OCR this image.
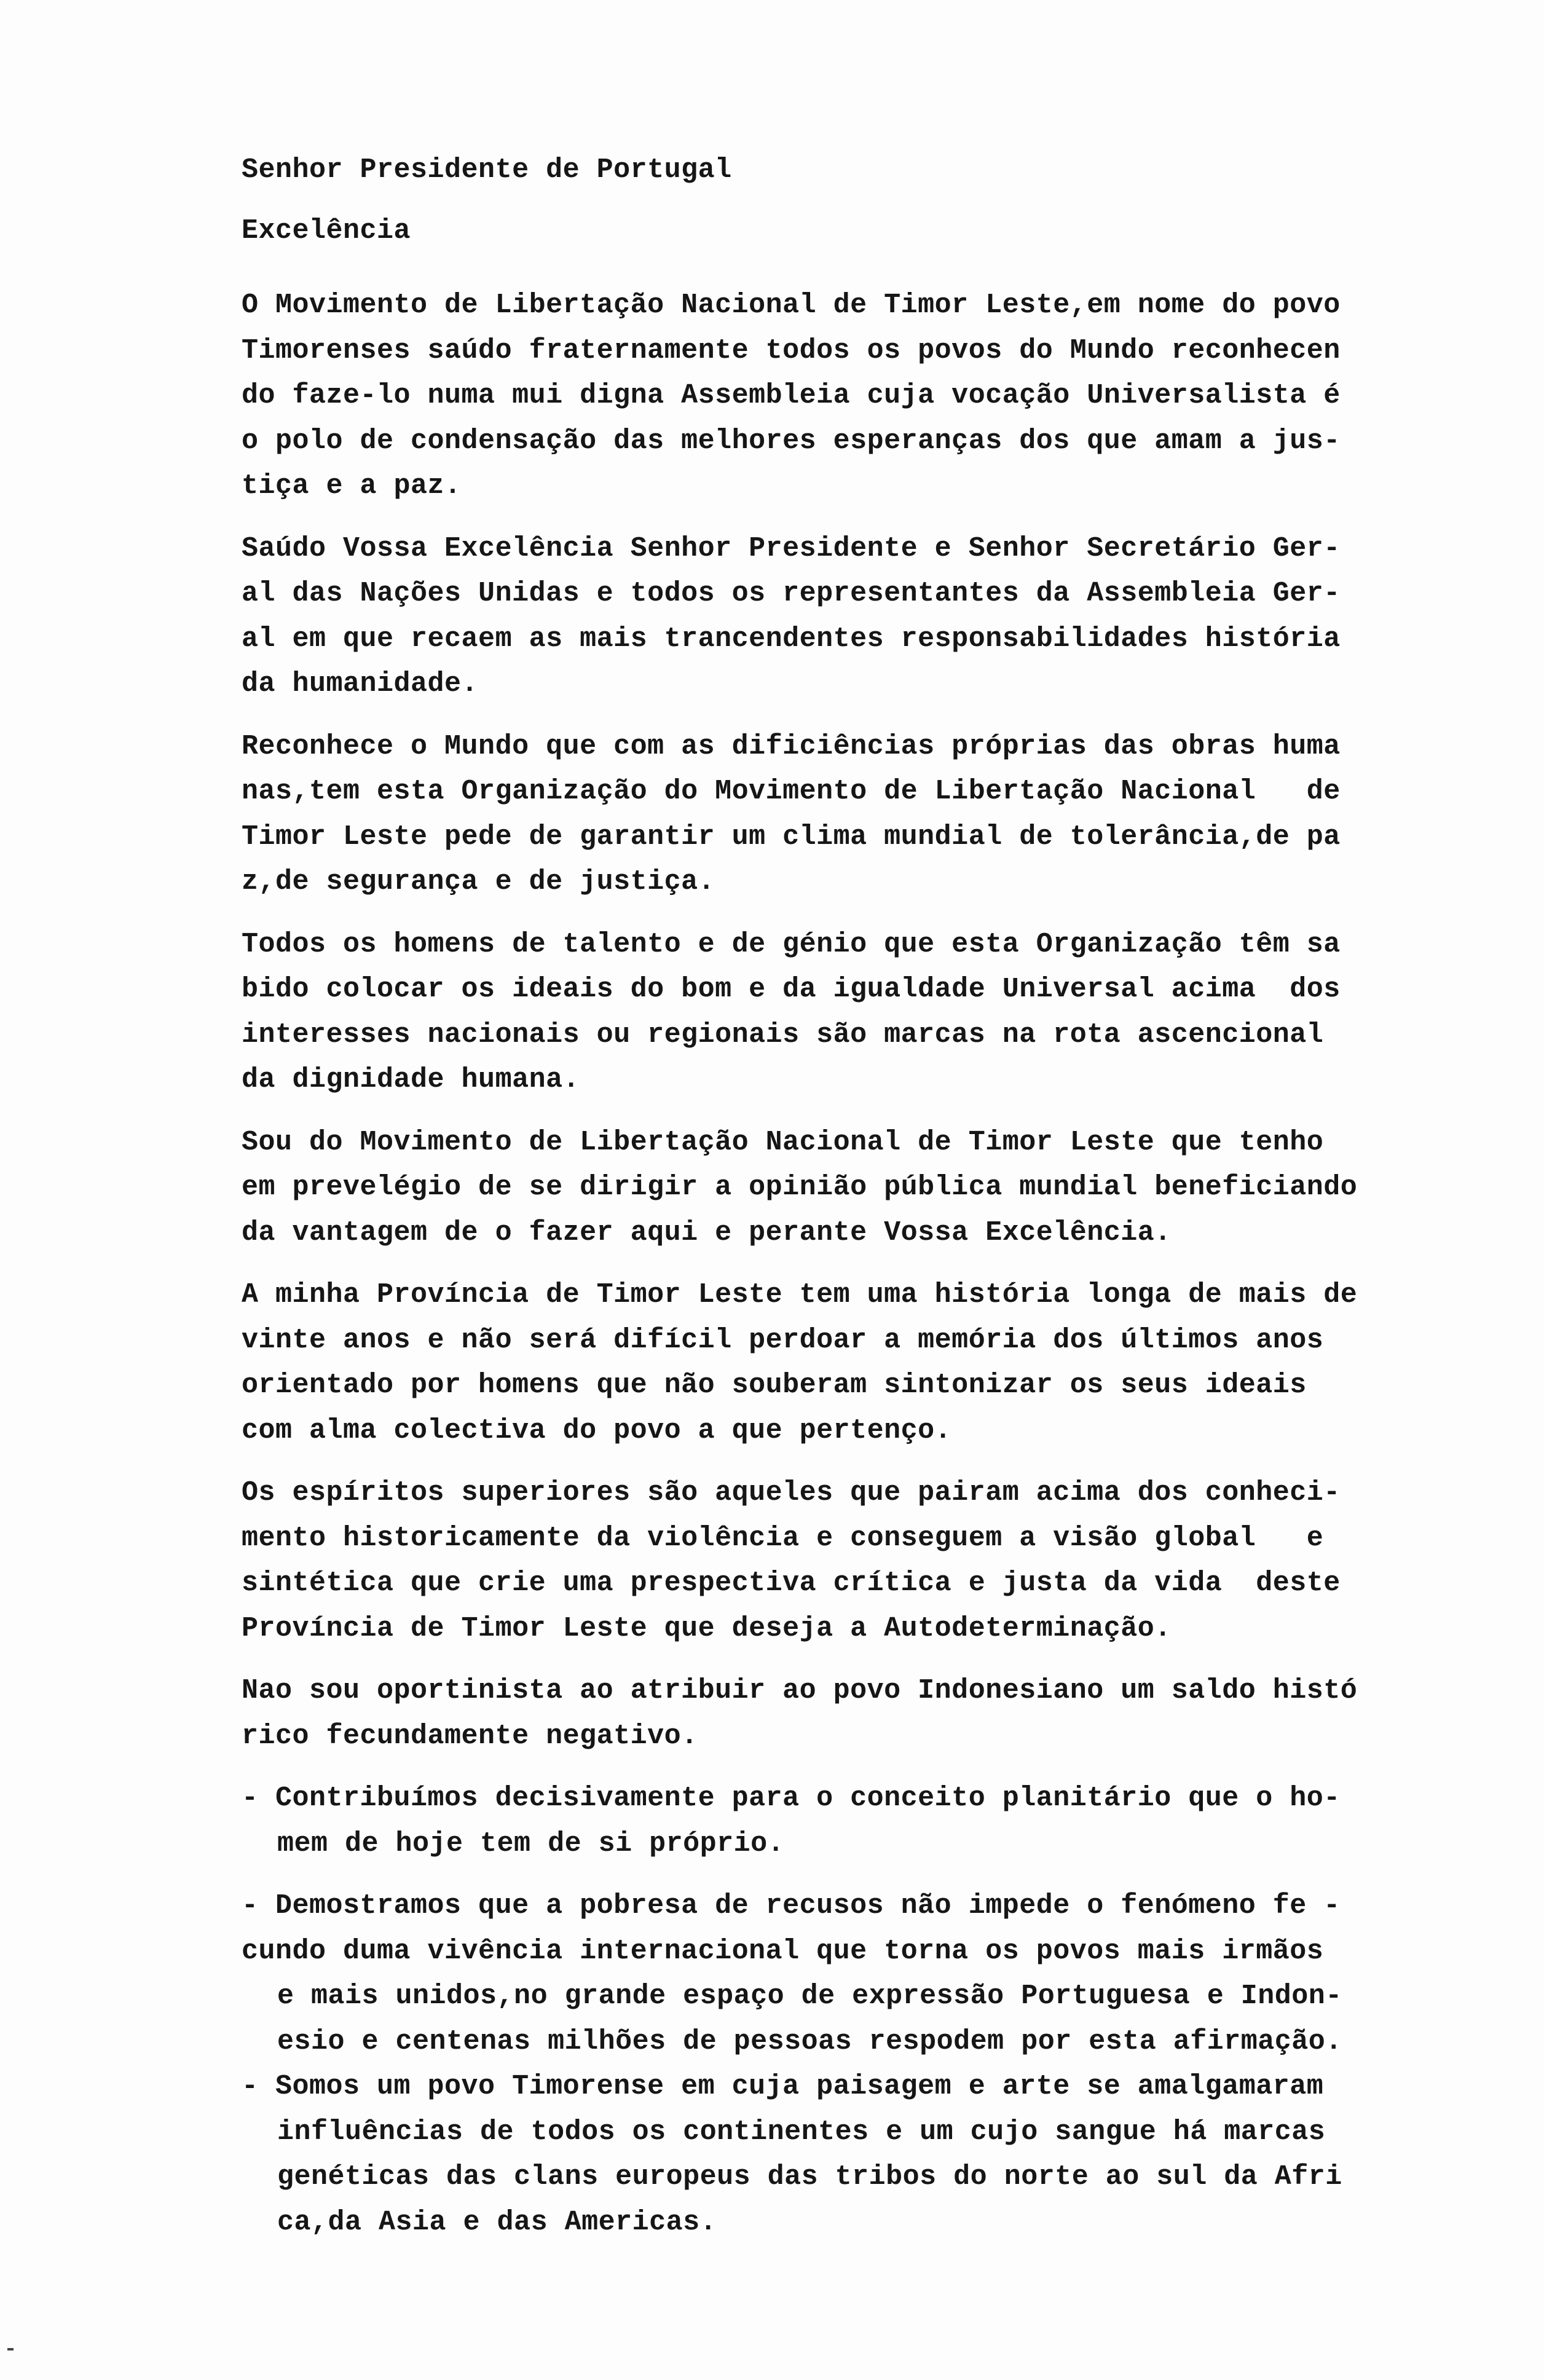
Senhor Presidente de Portugal
Excelência
O Movimento de Libertação Nacional de Timor Leste,em nome do povo
Timorenses saúdo fraternamente todos os povos do Mundo reconhecen
do faze-lo numa mui digna Assembleia cuja vocação Universalista é
o polo de condensação das melhores esperanças dos que amam a jus-
tiça e a paz.
Saúdo Vossa Excelência Senhor Presidente e Senhor Secretário Ger-
al das Nações Unidas e todos os representantes da Assembleia Ger-
al em que recaem as mais trancendentes responsabilidades história
da humanidade.
Reconhece o Mundo que com as dificiências próprias das obras huma
nas,tem esta Organização do Movimento de Libertação Nacional   de
Timor Leste pede de garantir um clima mundial de tolerância,de pa
z,de segurança e de justiça.
Todos os homens de talento e de génio que esta Organização têm sa
bido colocar os ideais do bom e da igualdade Universal acima  dos
interesses nacionais ou regionais são marcas na rota ascencional
da dignidade humana.
Sou do Movimento de Libertação Nacional de Timor Leste que tenho
em prevelégio de se dirigir a opinião pública mundial beneficiando
da vantagem de o fazer aqui e perante Vossa Excelência.
A minha Província de Timor Leste tem uma história longa de mais de
vinte anos e não será difícil perdoar a memória dos últimos anos
orientado por homens que não souberam sintonizar os seus ideais
com alma colectiva do povo a que pertenço.
Os espíritos superiores são aqueles que pairam acima dos conheci-
mento historicamente da violência e conseguem a visão global   e
sintética que crie uma prespectiva crítica e justa da vida  deste
Província de Timor Leste que deseja a Autodeterminação.
Nao sou oportinista ao atribuir ao povo Indonesiano um saldo histó
rico fecundamente negativo.
- Contribuímos decisivamente para o conceito planitário que o ho-
mem de hoje tem de si próprio.
- Demostramos que a pobresa de recusos não impede o fenómeno fe -
cundo duma vivência internacional que torna os povos mais irmãos
e mais unidos,no grande espaço de expressão Portuguesa e Indon-
esio e centenas milhões de pessoas respodem por esta afirmação.
- Somos um povo Timorense em cuja paisagem e arte se amalgamaram
influências de todos os continentes e um cujo sangue há marcas
genéticas das clans europeus das tribos do norte ao sul da Afri
ca,da Asia e das Americas.
